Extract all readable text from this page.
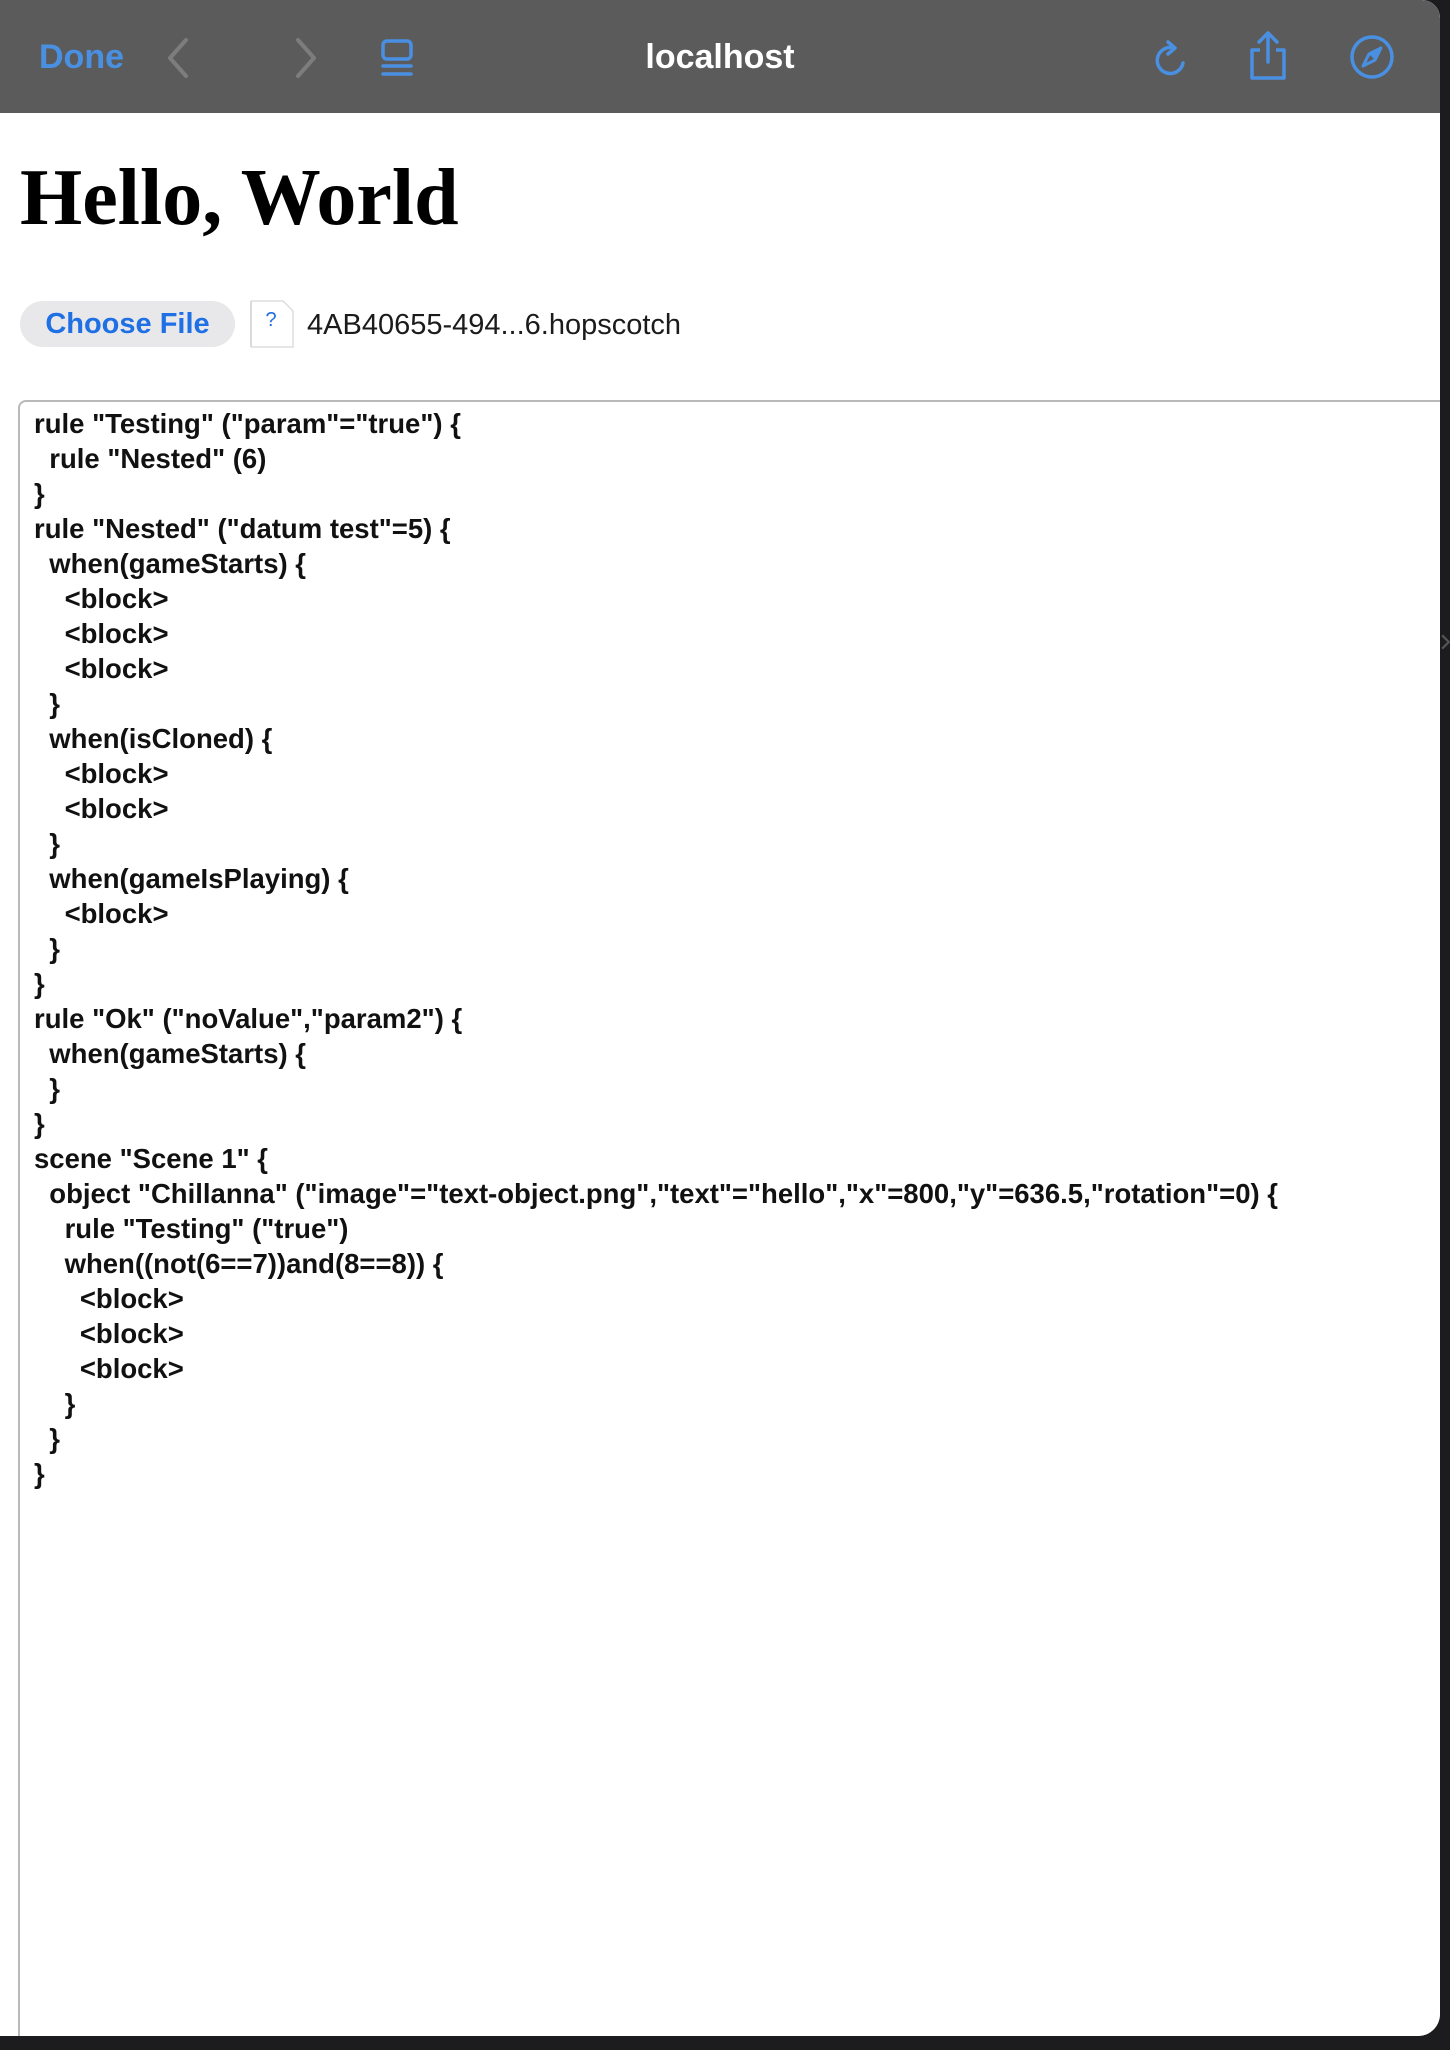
Done	localhost
Hello, World
Choose File	? 4AB40655-494...6.hopscotch
rule "Testing" ("param"="true") {
	rule "Nested" (6)
}
rule "Nested" ("datum test"=5) {
	when(gameStarts) {
		<block>
		<block>
		<block>
	}
	when(isCloned) {
		<block>
		<block>
	}
	when(gameIsPlaying) {
		<block>
	}
}
rule "Ok" ("noValue","param2") {
	when(gameStarts) {
	}
}
scene "Scene 1" {
	object "Chillanna" ("image"="text-object.png","text"="hello","x"=800,"y"=636.5,"rotation"=0) {
		rule "Testing" ("true")
		when((not(6==7))and(8==8)) {
			<block>
			<block>
			<block>
		}
	}
}
